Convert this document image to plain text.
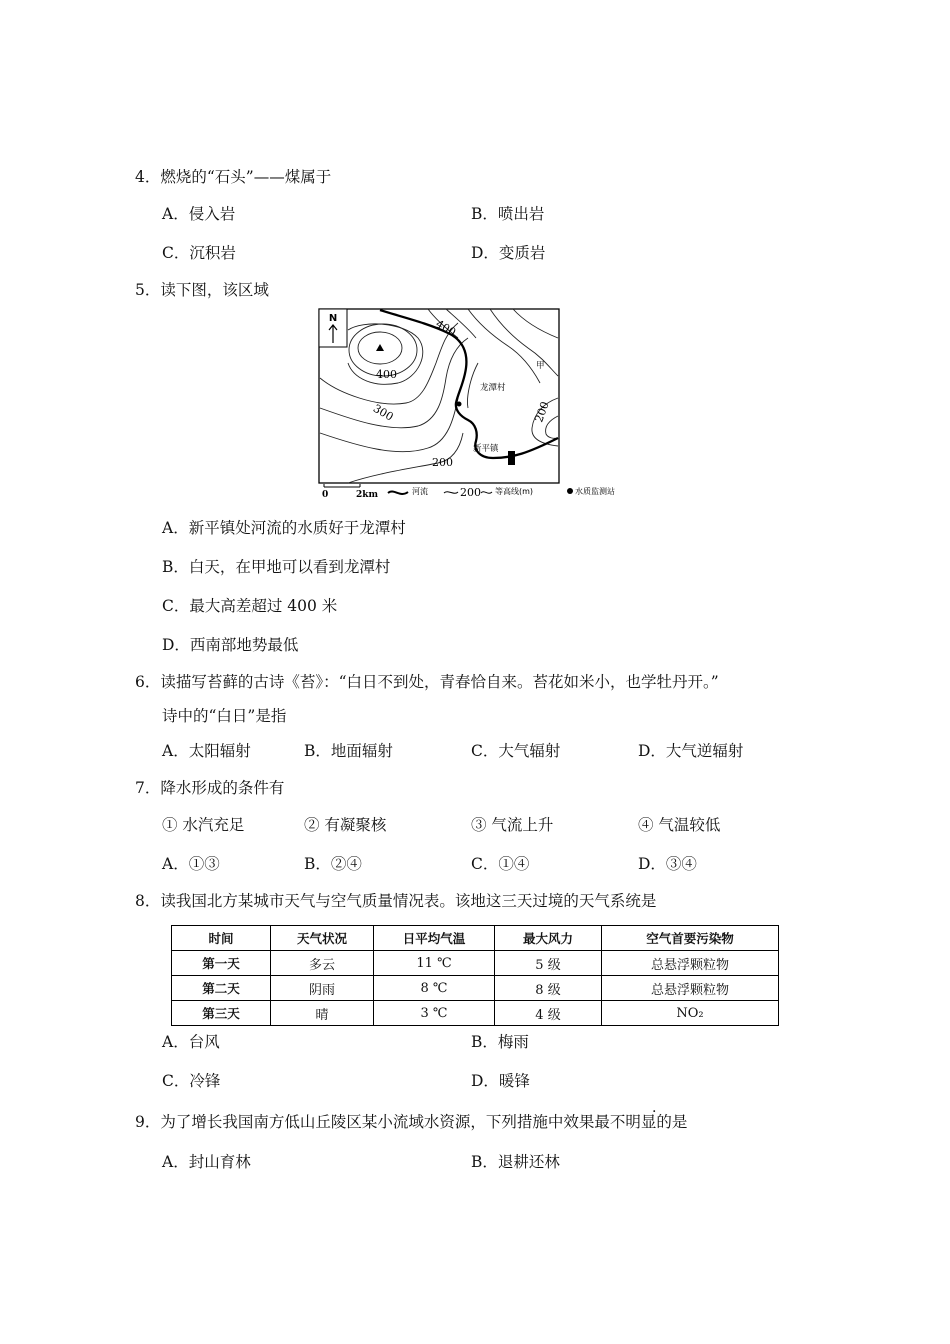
4．燃烧的“石头”——煤属于
A．侵入岩	B．喷出岩
C．沉积岩	D．变质岩
5．读下图，该区域
N
400
400
300
200
200
龙潭村
新平镇
甲
0	2km	河流	200 等高线(m)	水质监测站
A．新平镇处河流的水质好于龙潭村
B．白天，在甲地可以看到龙潭村
C．最大高差超过 400 米
D．西南部地势最低
6．读描写苔藓的古诗《苔》：“白日不到处，青春恰自来。苔花如米小，也学牡丹开。”
诗中的“白日”是指
A．太阳辐射	B．地面辐射	C．大气辐射	D．大气逆辐射
7．降水形成的条件有
① 水汽充足	② 有凝聚核	③ 气流上升	④ 气温较低
A．①③	B．②④	C．①④	D．③④
8．读我国北方某城市天气与空气质量情况表。该地这三天过境的天气系统是
时间	天气状况	日平均气温	最大风力	空气首要污染物
第一天	多云	11 ℃	5 级	总悬浮颗粒物
第二天	阴雨	8 ℃	8 级	总悬浮颗粒物
第三天	晴	3 ℃	4 级	NO₂
A．台风	B．梅雨
C．冷锋	D．暖锋
.
9．为了增长我国南方低山丘陵区某小流域水资源，下列措施中效果最不明显的是
A．封山育林	B．退耕还林
